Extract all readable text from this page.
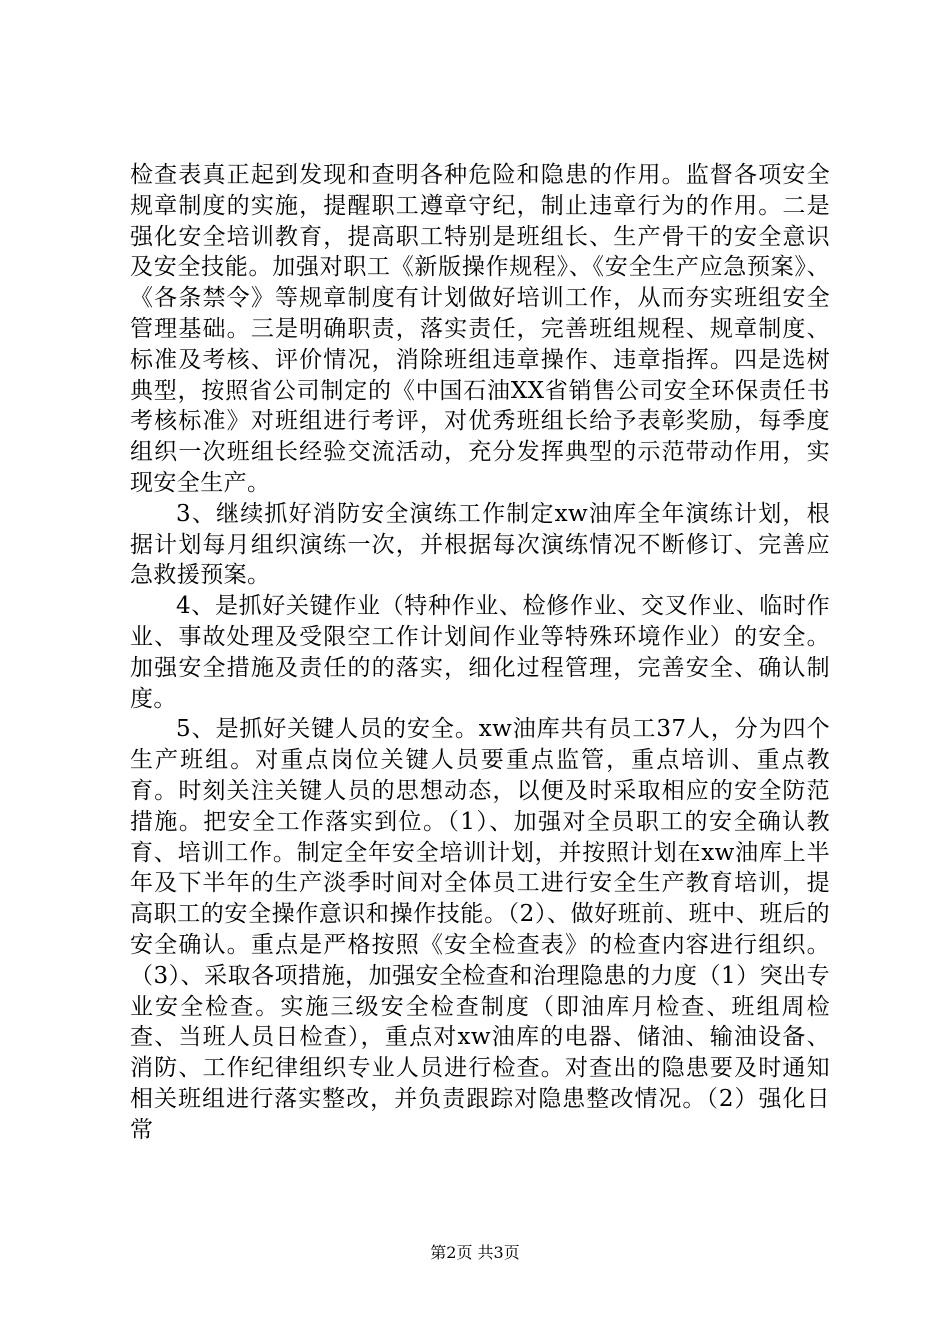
检查表真正起到发现和查明各种危险和隐患的作用。监督各项安全规章制度的实施，提醒职工遵章守纪，制止违章行为的作用。二是强化安全培训教育，提高职工特别是班组长、生产骨干的安全意识及安全技能。加强对职工《新版操作规程》、《安全生产应急预案》、《各条禁令》等规章制度有计划做好培训工作，从而夯实班组安全管理基础。三是明确职责，落实责任，完善班组规程、规章制度、标准及考核、评价情况，消除班组违章操作、违章指挥。四是选树典型，按照省公司制定的《中国石油XX省销售公司安全环保责任书考核标准》对班组进行考评，对优秀班组长给予表彰奖励，每季度组织一次班组长经验交流活动，充分发挥典型的示范带动作用，实现安全生产。

3、继续抓好消防安全演练工作制定xw油库全年演练计划，根据计划每月组织演练一次，并根据每次演练情况不断修订、完善应急救援预案。

4、是抓好关键作业（特种作业、检修作业、交叉作业、临时作业、事故处理及受限空工作计划间作业等特殊环境作业）的安全。加强安全措施及责任的的落实，细化过程管理，完善安全、确认制度。

5、是抓好关键人员的安全。xw油库共有员工37人，分为四个生产班组。对重点岗位关键人员要重点监管，重点培训、重点教育。时刻关注关键人员的思想动态，以便及时采取相应的安全防范措施。把安全工作落实到位。（1）、加强对全员职工的安全确认教育、培训工作。制定全年安全培训计划，并按照计划在xw油库上半年及下半年的生产淡季时间对全体员工进行安全生产教育培训，提高职工的安全操作意识和操作技能。（2）、做好班前、班中、班后的安全确认。重点是严格按照《安全检查表》的检查内容进行组织。（3）、采取各项措施，加强安全检查和治理隐患的力度（1）突出专业安全检查。实施三级安全检查制度（即油库月检查、班组周检查、当班人员日检查），重点对xw油库的电器、储油、输油设备、消防、工作纪律组织专业人员进行检查。对查出的隐患要及时通知相关班组进行落实整改，并负责跟踪对隐患整改情况。（2）强化日常

第2页 共3页
